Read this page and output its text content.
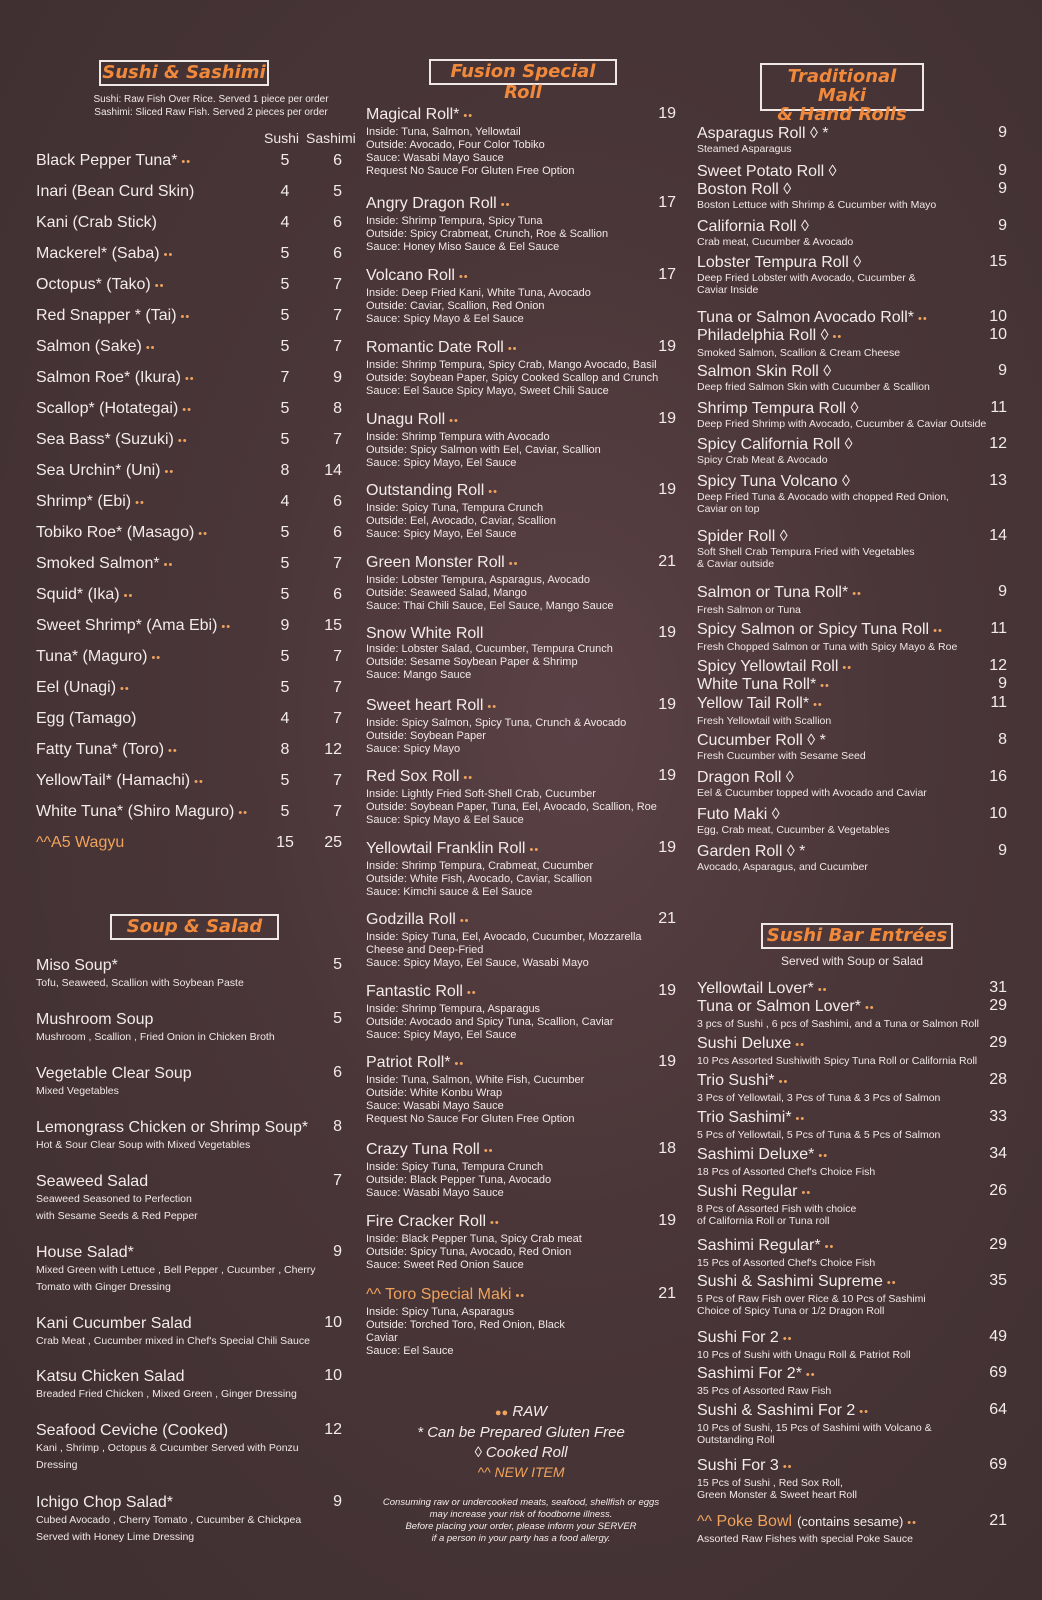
Sushi & Sashimi
Sushi: Raw Fish Over Rice. Served 1 piece per order
Sashimi: Sliced Raw Fish. Served 2 pieces per order
Sushi Sashimi
Black Pepper Tuna* ••	5	6
Inari (Bean Curd Skin)	4	5
Kani (Crab Stick)	4	6
Mackerel* (Saba) ••	5	6
Octopus* (Tako) ••	5	7
Red Snapper * (Tai) ••	5	7
Salmon (Sake) ••	5	7
Salmon Roe* (Ikura) ••	7	9
Scallop* (Hotategai) ••	5	8
Sea Bass* (Suzuki) ••	5	7
Sea Urchin* (Uni) ••	8	14
Shrimp* (Ebi) ••	4	6
Tobiko Roe* (Masago) ••	5	6
Smoked Salmon* ••	5	7
Squid* (Ika) ••	5	6
Sweet Shrimp* (Ama Ebi) ••	9	15
Tuna* (Maguro) ••	5	7
Eel (Unagi) ••	5	7
Egg (Tamago)	4	7
Fatty Tuna* (Toro) ••	8	12
YellowTail* (Hamachi) ••	5	7
White Tuna* (Shiro Maguro) ••	5	7
^^A5 Wagyu	15	25
Soup & Salad
Miso Soup*	5
Tofu, Seaweed, Scallion with Soybean Paste
Mushroom Soup	5
Mushroom , Scallion , Fried Onion in Chicken Broth
Vegetable Clear Soup	6
Mixed Vegetables
Lemongrass Chicken or Shrimp Soup*	8
Hot & Sour Clear Soup with Mixed Vegetables
Seaweed Salad	7
Seaweed Seasoned to Perfection
with Sesame Seeds & Red Pepper
House Salad*	9
Mixed Green with Lettuce , Bell Pepper , Cucumber , Cherry
Tomato with Ginger Dressing
Kani Cucumber Salad	10
Crab Meat , Cucumber mixed in Chef's Special Chili Sauce
Katsu Chicken Salad	10
Breaded Fried Chicken , Mixed Green , Ginger Dressing
Seafood Ceviche (Cooked)	12
Kani , Shrimp , Octopus & Cucumber Served with Ponzu
Dressing
Ichigo Chop Salad*	9
Cubed Avocado , Cherry Tomato , Cucumber & Chickpea
Served with Honey Lime Dressing
Fusion Special Roll
Magical Roll* ••	19
Inside: Tuna, Salmon, Yellowtail
Outside: Avocado, Four Color Tobiko
Sauce: Wasabi Mayo Sauce
Request No Sauce For Gluten Free Option
Angry Dragon Roll ••	17
Inside: Shrimp Tempura, Spicy Tuna
Outside: Spicy Crabmeat, Crunch, Roe & Scallion
Sauce: Honey Miso Sauce & Eel Sauce
Volcano Roll ••	17
Inside: Deep Fried Kani, White Tuna, Avocado
Outside: Caviar, Scallion, Red Onion
Sauce: Spicy Mayo & Eel Sauce
Romantic Date Roll ••	19
Inside: Shrimp Tempura, Spicy Crab, Mango Avocado, Basil
Outside: Soybean Paper, Spicy Cooked Scallop and Crunch
Sauce: Eel Sauce Spicy Mayo, Sweet Chili Sauce
Unagu Roll ••	19
Inside: Shrimp Tempura with Avocado
Outside: Spicy Salmon with Eel, Caviar, Scallion
Sauce: Spicy Mayo, Eel Sauce
Outstanding Roll ••	19
Inside: Spicy Tuna, Tempura Crunch
Outside: Eel, Avocado, Caviar, Scallion
Sauce: Spicy Mayo, Eel Sauce
Green Monster Roll ••	21
Inside: Lobster Tempura, Asparagus, Avocado
Outside: Seaweed Salad, Mango
Sauce: Thai Chili Sauce, Eel Sauce, Mango Sauce
Snow White Roll	19
Inside: Lobster Salad, Cucumber, Tempura Crunch
Outside: Sesame Soybean Paper & Shrimp
Sauce: Mango Sauce
Sweet heart Roll ••	19
Inside: Spicy Salmon, Spicy Tuna, Crunch & Avocado
Outside: Soybean Paper
Sauce: Spicy Mayo
Red Sox Roll ••	19
Inside: Lightly Fried Soft-Shell Crab, Cucumber
Outside: Soybean Paper, Tuna, Eel, Avocado, Scallion, Roe
Sauce: Spicy Mayo & Eel Sauce
Yellowtail Franklin Roll ••	19
Inside: Shrimp Tempura, Crabmeat, Cucumber
Outside: White Fish, Avocado, Caviar, Scallion
Sauce: Kimchi sauce & Eel Sauce
Godzilla Roll ••	21
Inside: Spicy Tuna, Eel, Avocado, Cucumber, Mozzarella
Cheese and Deep-Fried
Sauce: Spicy Mayo, Eel Sauce, Wasabi Mayo
Fantastic Roll ••	19
Inside: Shrimp Tempura, Asparagus
Outside: Avocado and Spicy Tuna, Scallion, Caviar
Sauce: Spicy Mayo, Eel Sauce
Patriot Roll* ••	19
Inside: Tuna, Salmon, White Fish, Cucumber
Outside: White Konbu Wrap
Sauce: Wasabi Mayo Sauce
Request No Sauce For Gluten Free Option
Crazy Tuna Roll ••	18
Inside: Spicy Tuna, Tempura Crunch
Outside: Black Pepper Tuna, Avocado
Sauce: Wasabi Mayo Sauce
Fire Cracker Roll ••	19
Inside: Black Pepper Tuna, Spicy Crab meat
Outside: Spicy Tuna, Avocado, Red Onion
Sauce: Sweet Red Onion Sauce
^^ Toro Special Maki ••	21
Inside: Spicy Tuna, Asparagus
Outside: Torched Toro, Red Onion, Black
Caviar
Sauce: Eel Sauce
●● RAW
* Can be Prepared Gluten Free
◊ Cooked Roll
^^ NEW ITEM
Consuming raw or undercooked meats, seafood, shellfish or eggs
may increase your risk of foodborne illness.
Before placing your order, please inform your SERVER
if a person in your party has a food allergy.
Traditional Maki
& Hand Rolls
Asparagus Roll ◊ *	9
Steamed Asparagus
Sweet Potato Roll ◊	9
Boston Roll ◊	9
Boston Lettuce with Shrimp & Cucumber with Mayo
California Roll ◊	9
Crab meat, Cucumber & Avocado
Lobster Tempura Roll ◊	15
Deep Fried Lobster with Avocado, Cucumber &
Caviar Inside
Tuna or Salmon Avocado Roll* ••	10
Philadelphia Roll ◊ ••	10
Smoked Salmon, Scallion & Cream Cheese
Salmon Skin Roll ◊	9
Deep fried Salmon Skin with Cucumber & Scallion
Shrimp Tempura Roll ◊	11
Deep Fried Shrimp with Avocado, Cucumber & Caviar Outside
Spicy California Roll ◊	12
Spicy Crab Meat & Avocado
Spicy Tuna Volcano ◊	13
Deep Fried Tuna & Avocado with chopped Red Onion,
Caviar on top
Spider Roll ◊	14
Soft Shell Crab Tempura Fried with Vegetables
& Caviar outside
Salmon or Tuna Roll* ••	9
Fresh Salmon or Tuna
Spicy Salmon or Spicy Tuna Roll ••	11
Fresh Chopped Salmon or Tuna with Spicy Mayo & Roe
Spicy Yellowtail Roll ••	12
White Tuna Roll* ••	9
Yellow Tail Roll* ••	11
Fresh Yellowtail with Scallion
Cucumber Roll ◊ *	8
Fresh Cucumber with Sesame Seed
Dragon Roll ◊	16
Eel & Cucumber topped with Avocado and Caviar
Futo Maki ◊	10
Egg, Crab meat, Cucumber & Vegetables
Garden Roll ◊ *	9
Avocado, Asparagus, and Cucumber
Sushi Bar Entrées
Served with Soup or Salad
Yellowtail Lover* ••	31
Tuna or Salmon Lover* ••	29
3 pcs of Sushi , 6 pcs of Sashimi, and a Tuna or Salmon Roll
Sushi Deluxe ••	29
10 Pcs Assorted Sushiwith Spicy Tuna Roll or California Roll
Trio Sushi* ••	28
3 Pcs of Yellowtail, 3 Pcs of Tuna & 3 Pcs of Salmon
Trio Sashimi* ••	33
5 Pcs of Yellowtail, 5 Pcs of Tuna & 5 Pcs of Salmon
Sashimi Deluxe* ••	34
18 Pcs of Assorted Chef's Choice Fish
Sushi Regular ••	26
8 Pcs of Assorted Fish with choice
of California Roll or Tuna roll
Sashimi Regular* ••	29
15 Pcs of Assorted Chef's Choice Fish
Sushi & Sashimi Supreme ••	35
5 Pcs of Raw Fish over Rice & 10 Pcs of Sashimi
Choice of Spicy Tuna or 1/2 Dragon Roll
Sushi For 2 ••	49
10 Pcs of Sushi with Unagu Roll & Patriot Roll
Sashimi For 2* ••	69
35 Pcs of Assorted Raw Fish
Sushi & Sashimi For 2 ••	64
10 Pcs of Sushi, 15 Pcs of Sashimi with Volcano &
Outstanding Roll
Sushi For 3 ••	69
15 Pcs of Sushi , Red Sox Roll,
Green Monster & Sweet heart Roll
^^ Poke Bowl (contains sesame) ••	21
Assorted Raw Fishes with special Poke Sauce
